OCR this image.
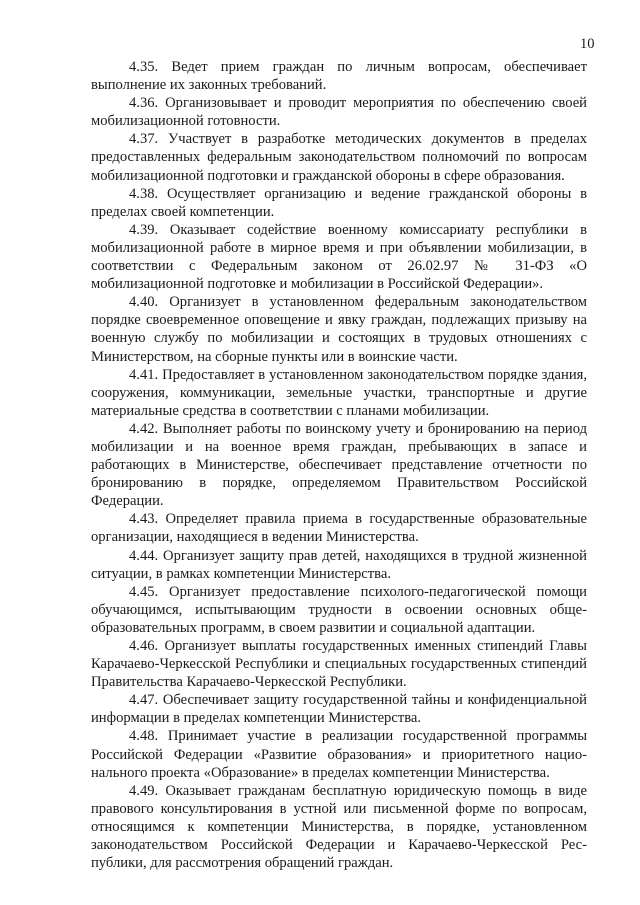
10

4.35. Ведет прием граждан по личным вопросам, обеспечивает выполнение их законных требований.

4.36. Организовывает и проводит мероприятия по обеспечению своей мобилизационной готовности.

4.37. Участвует в разработке методических документов в пределах предоставленных федеральным законодательством полномочий по вопросам мобилизационной подготовки и гражданской обороны в сфере образования.

4.38. Осуществляет организацию и ведение гражданской обороны в пределах своей компетенции.

4.39. Оказывает содействие военному комиссариату республики в мобилизационной работе в мирное время и при объявлении мобилизации, в соответствии с Федеральным законом от 26.02.97 № 31-ФЗ «О мобилизационной подготовке и мобилизации в Российской Федерации».

4.40. Организует в установленном федеральным законодательством порядке своевременное оповещение и явку граждан, подлежащих призыву на военную службу по мобилизации и состоящих в трудовых отношениях с Министерством, на сборные пункты или в воинские части.

4.41. Предоставляет в установленном законодательством порядке здания, сооружения, коммуникации, земельные участки, транспортные и другие материальные средства в соответствии с планами мобилизации.

4.42. Выполняет работы по воинскому учету и бронированию на период мобилизации и на военное время граждан, пребывающих в запасе и работающих в Министерстве, обеспечивает представление отчетности по бронированию в порядке, определяемом Правительством Российской Федерации.

4.43. Определяет правила приема в государственные образовательные организации, находящиеся в ведении Министерства.

4.44. Организует защиту прав детей, находящихся в трудной жизненной ситуации, в рамках компетенции Министерства.

4.45. Организует предоставление психолого-педагогической помощи обучающимся, испытывающим трудности в освоении основных общеобразовательных программ, в своем развитии и социальной адаптации.

4.46. Организует выплаты государственных именных стипендий Главы Карачаево-Черкесской Республики и специальных государственных стипендий Правительства Карачаево-Черкесской Республики.

4.47. Обеспечивает защиту государственной тайны и конфиденциальной информации в пределах компетенции Министерства.

4.48. Принимает участие в реализации государственной программы Российской Федерации «Развитие образования» и приоритетного национального проекта «Образование» в пределах компетенции Министерства.

4.49. Оказывает гражданам бесплатную юридическую помощь в виде правового консультирования в устной или письменной форме по вопросам, относящимся к компетенции Министерства, в порядке, установленном законодательством Российской Федерации и Карачаево-Черкесской Республики, для рассмотрения обращений граждан.
